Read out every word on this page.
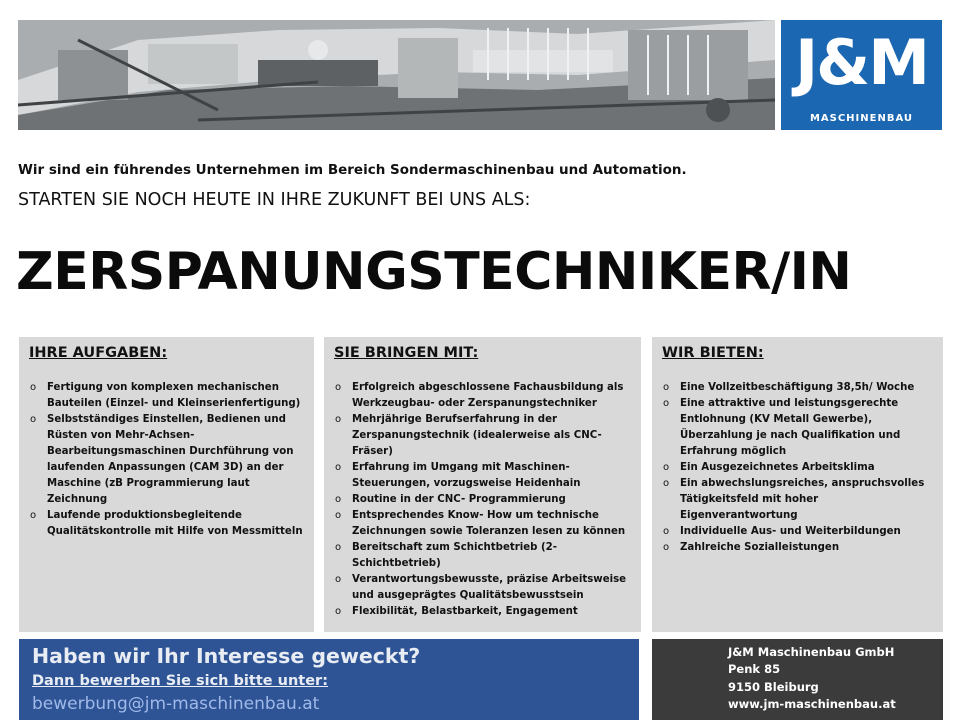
J&M
MASCHINENBAU
Wir sind ein führendes Unternehmen im Bereich Sondermaschinenbau und Automation.
STARTEN SIE NOCH HEUTE IN IHRE ZUKUNFT BEI UNS ALS:
ZERSPANUNGSTECHNIKER/IN
IHRE AUFGABEN:
o Fertigung von komplexen mechanischen Bauteilen (Einzel- und Kleinserienfertigung)
o Selbstständiges Einstellen, Bedienen und Rüsten von Mehr-Achsen-Bearbeitungsmaschinen Durchführung von laufenden Anpassungen (CAM 3D) an der Maschine (zB Programmierung laut Zeichnung
o Laufende produktionsbegleitende Qualitätskontrolle mit Hilfe von Messmitteln
SIE BRINGEN MIT:
o Erfolgreich abgeschlossene Fachausbildung als Werkzeugbau- oder Zerspanungstechniker
o Mehrjährige Berufserfahrung in der Zerspanungstechnik (idealerweise als CNC-Fräser)
o Erfahrung im Umgang mit Maschinen-Steuerungen, vorzugsweise Heidenhain
o Routine in der CNC- Programmierung
o Entsprechendes Know- How um technische Zeichnungen sowie Toleranzen lesen zu können
o Bereitschaft zum Schichtbetrieb (2-Schichtbetrieb)
o Verantwortungsbewusste, präzise Arbeitsweise und ausgeprägtes Qualitätsbewusstsein
o Flexibilität, Belastbarkeit, Engagement
WIR BIETEN:
o Eine Vollzeitbeschäftigung 38,5h/ Woche
o Eine attraktive und leistungsgerechte Entlohnung (KV Metall Gewerbe), Überzahlung je nach Qualifikation und Erfahrung möglich
o Ein Ausgezeichnetes Arbeitsklima
o Ein abwechslungsreiches, anspruchsvolles Tätigkeitsfeld mit hoher Eigenverantwortung
o Individuelle Aus- und Weiterbildungen
o Zahlreiche Sozialleistungen
Haben wir Ihr Interesse geweckt?
Dann bewerben Sie sich bitte unter:
bewerbung@jm-maschinenbau.at
J&M Maschinenbau GmbH
Penk 85
9150 Bleiburg
www.jm-maschinenbau.at
